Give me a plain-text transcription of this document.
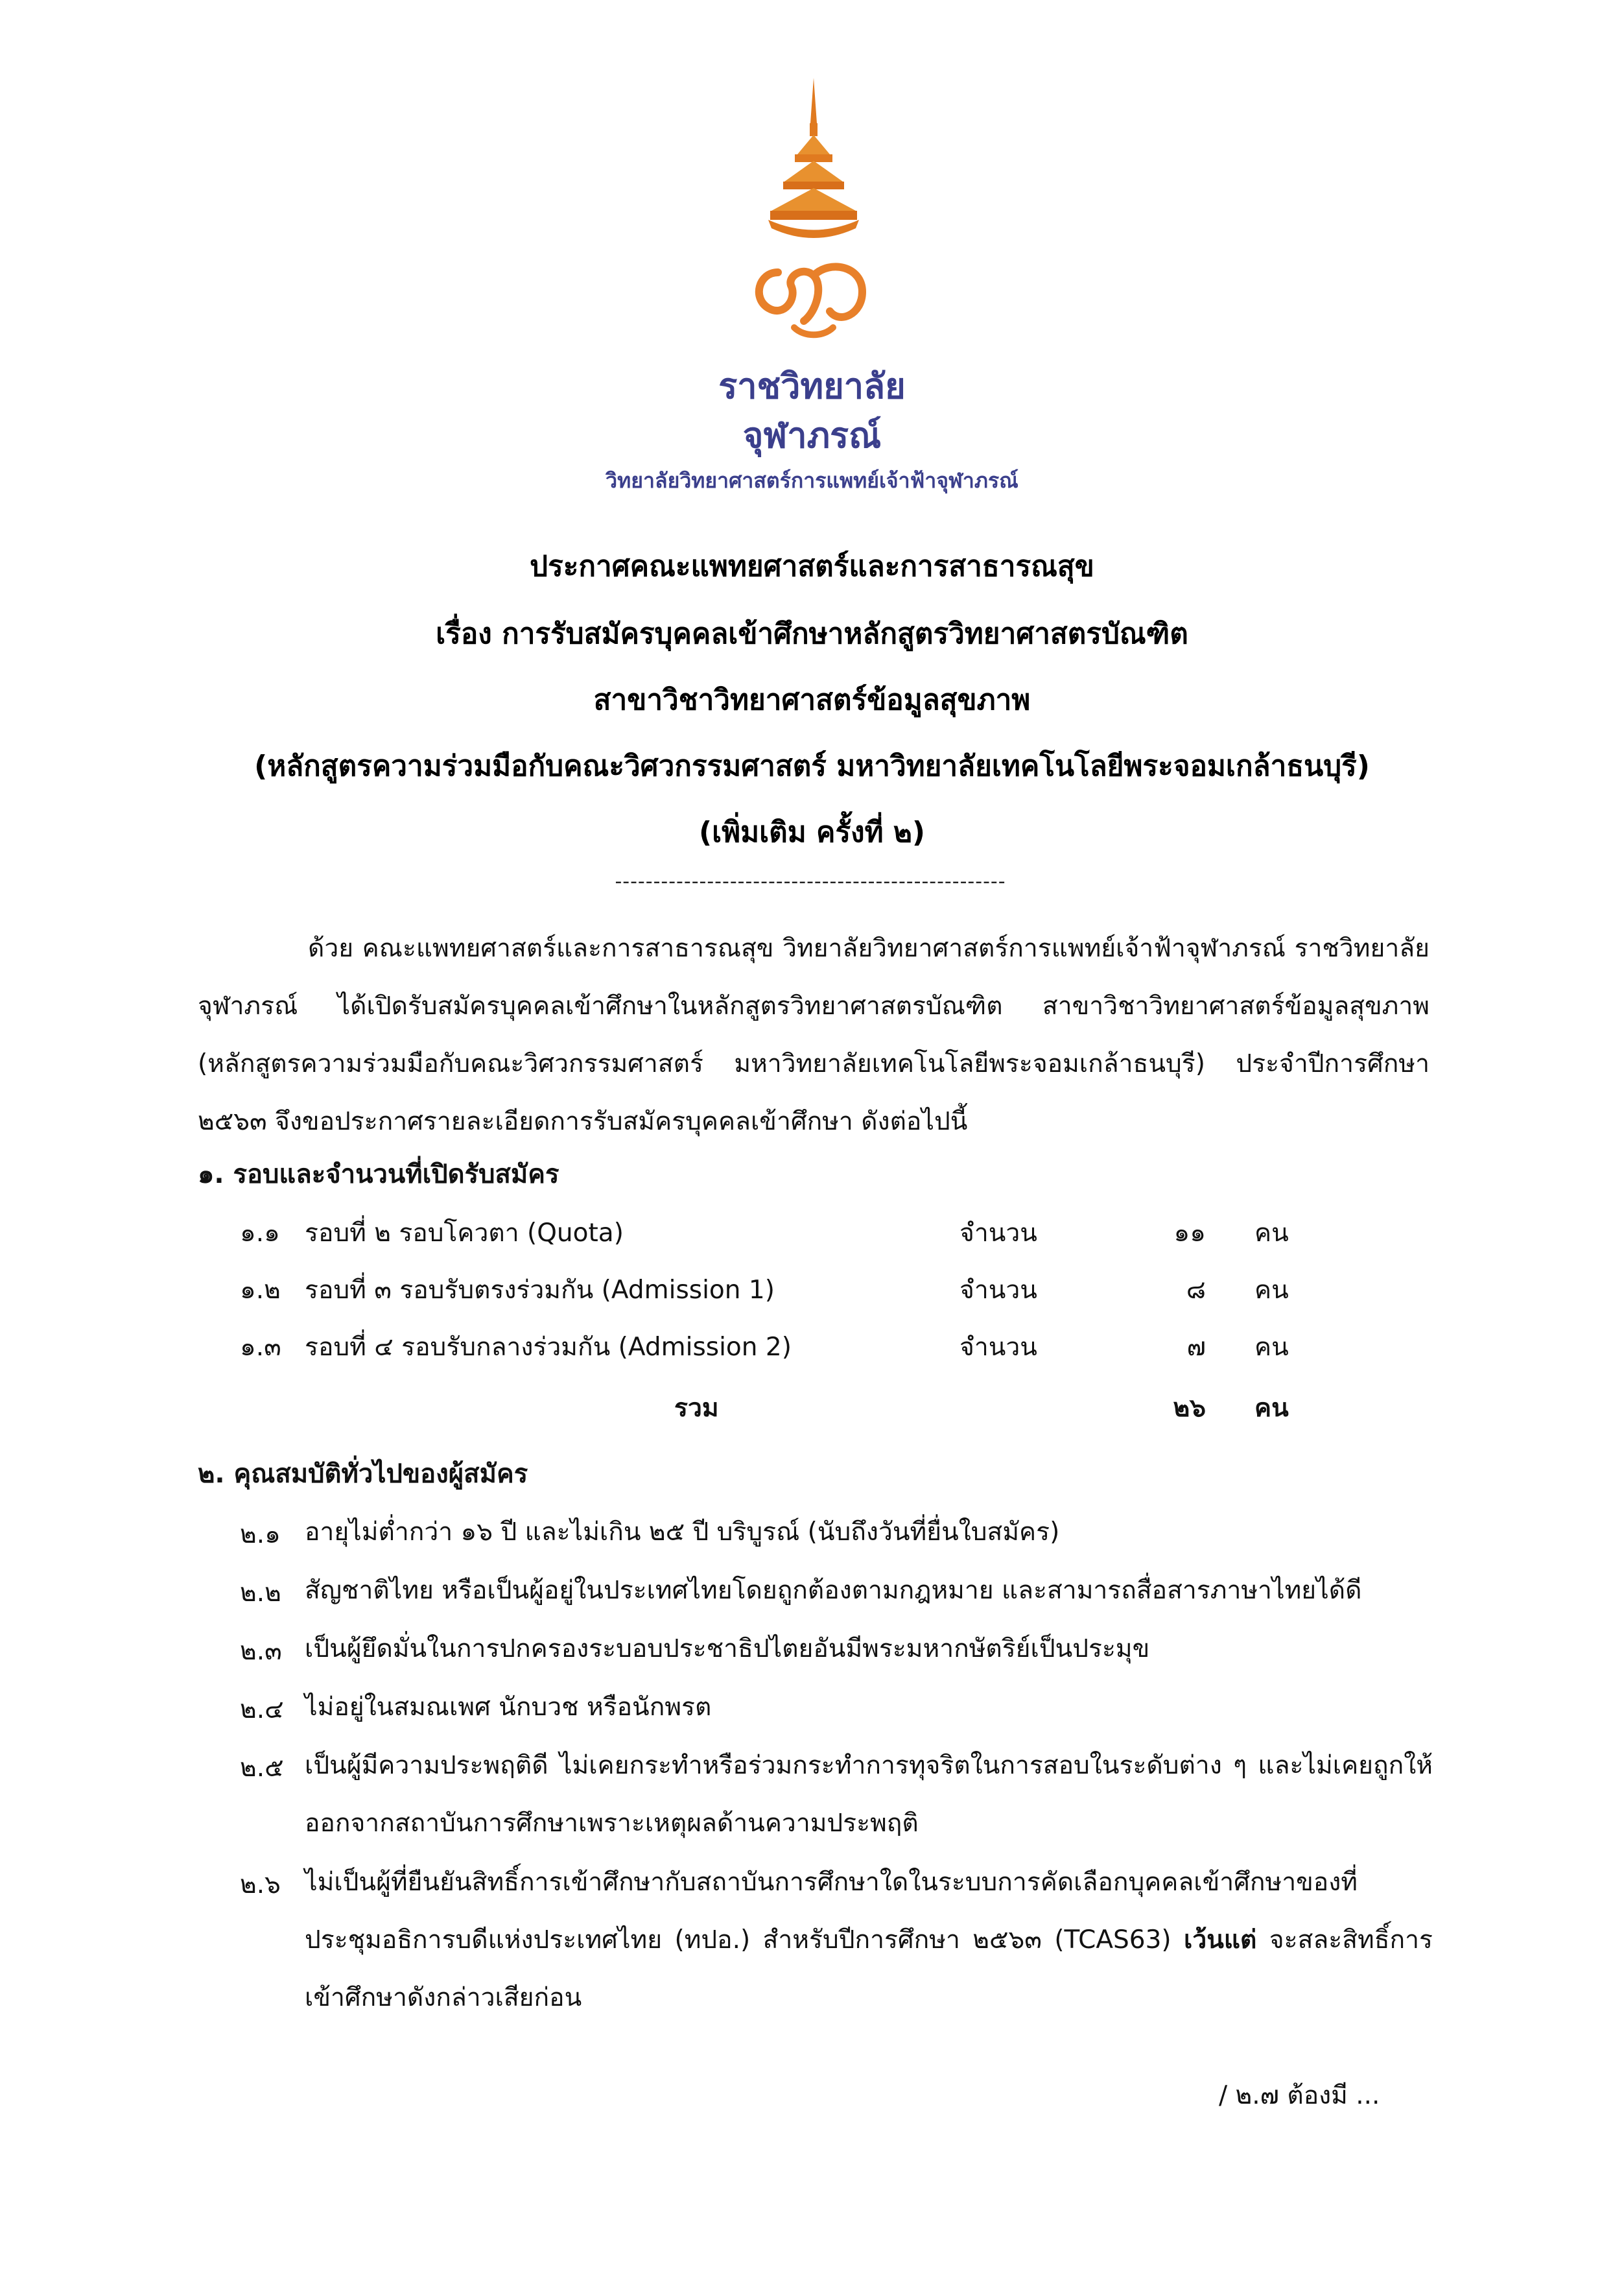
ราชวิทยาลัย
จุฬาภรณ์
วิทยาลัยวิทยาศาสตร์การแพทย์เจ้าฟ้าจุฬาภรณ์
ประกาศคณะแพทยศาสตร์และการสาธารณสุข
เรื่อง การรับสมัครบุคคลเข้าศึกษาหลักสูตรวิทยาศาสตรบัณฑิต
สาขาวิชาวิทยาศาสตร์ข้อมูลสุขภาพ
(หลักสูตรความร่วมมือกับคณะวิศวกรรมศาสตร์ มหาวิทยาลัยเทคโนโลยีพระจอมเกล้าธนบุรี)
(เพิ่มเติม ครั้งที่ ๒)
---------------------------------------------------
ด้วย คณะแพทยศาสตร์และการสาธารณสุข วิทยาลัยวิทยาศาสตร์การแพทย์เจ้าฟ้าจุฬาภรณ์ ราชวิทยาลัยจุฬาภรณ์ ได้เปิดรับสมัครบุคคลเข้าศึกษาในหลักสูตรวิทยาศาสตรบัณฑิต สาขาวิชาวิทยาศาสตร์ข้อมูลสุขภาพ (หลักสูตรความร่วมมือกับคณะวิศวกรรมศาสตร์ มหาวิทยาลัยเทคโนโลยีพระจอมเกล้าธนบุรี) ประจำปีการศึกษา ๒๕๖๓ จึงขอประกาศรายละเอียดการรับสมัครบุคคลเข้าศึกษา ดังต่อไปนี้
๑. รอบและจำนวนที่เปิดรับสมัคร
๑.๑ รอบที่ ๒ รอบโควตา (Quota)	จำนวน	๑๑ คน
๑.๒ รอบที่ ๓ รอบรับตรงร่วมกัน (Admission 1)	จำนวน	๘ คน
๑.๓ รอบที่ ๔ รอบรับกลางร่วมกัน (Admission 2)	จำนวน	๗ คน
รวม	๒๖ คน
๒. คุณสมบัติทั่วไปของผู้สมัคร
๒.๑ อายุไม่ต่ำกว่า ๑๖ ปี และไม่เกิน ๒๕ ปี บริบูรณ์ (นับถึงวันที่ยื่นใบสมัคร)
๒.๒ สัญชาติไทย หรือเป็นผู้อยู่ในประเทศไทยโดยถูกต้องตามกฎหมาย และสามารถสื่อสารภาษาไทยได้ดี
๒.๓ เป็นผู้ยึดมั่นในการปกครองระบอบประชาธิปไตยอันมีพระมหากษัตริย์เป็นประมุข
๒.๔ ไม่อยู่ในสมณเพศ นักบวช หรือนักพรต
๒.๕ เป็นผู้มีความประพฤติดี ไม่เคยกระทำหรือร่วมกระทำการทุจริตในการสอบในระดับต่าง ๆ และไม่เคยถูกให้ออกจากสถาบันการศึกษาเพราะเหตุผลด้านความประพฤติ
๒.๖ ไม่เป็นผู้ที่ยืนยันสิทธิ์การเข้าศึกษากับสถาบันการศึกษาใดในระบบการคัดเลือกบุคคลเข้าศึกษาของที่ประชุมอธิการบดีแห่งประเทศไทย (ทปอ.) สำหรับปีการศึกษา ๒๕๖๓ (TCAS63) เว้นแต่ จะสละสิทธิ์การเข้าศึกษาดังกล่าวเสียก่อน
/ ๒.๗ ต้องมี ...
